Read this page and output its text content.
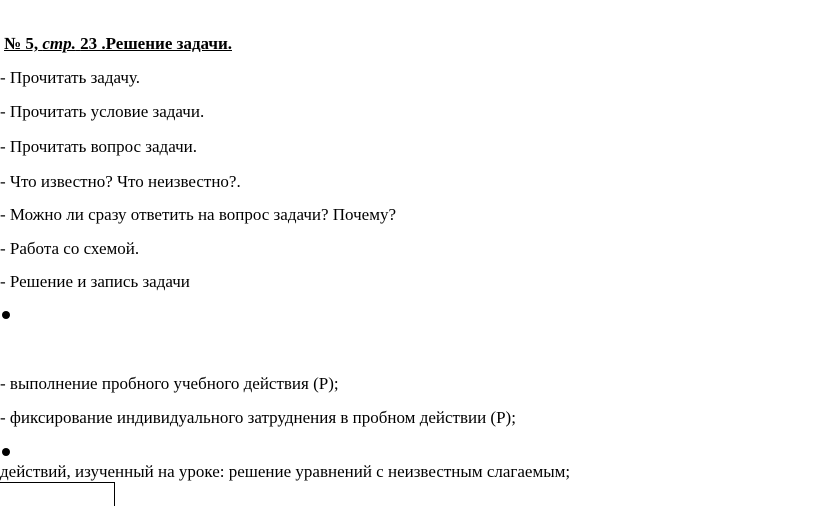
№ 5, стр. 23 .Решение задачи.
- Прочитать задачу.
- Прочитать условие задачи.
- Прочитать вопрос задачи.
- Что известно? Что неизвестно?.
- Можно ли сразу ответить на вопрос задачи? Почему?
- Работа со схемой.
- Решение и запись задачи
- выполнение пробного учебного действия (Р);
- фиксирование индивидуального затруднения в пробном действии (Р);
действий, изученный на уроке: решение уравнений с неизвестным слагаемым;
